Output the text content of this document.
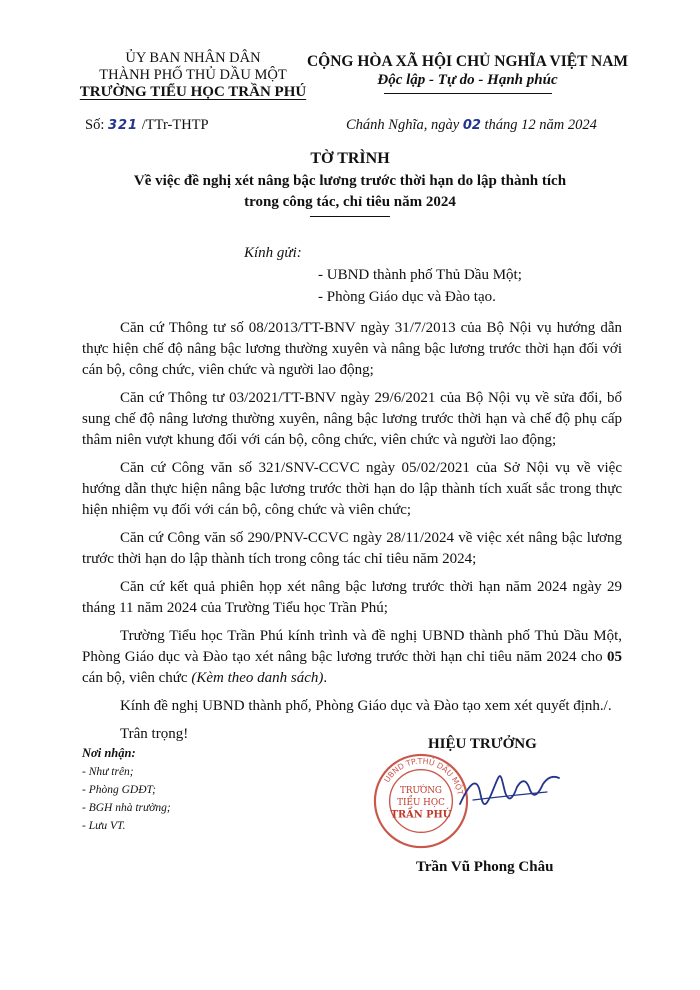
ỦY BAN NHÂN DÂN
THÀNH PHỐ THỦ DẦU MỘT
TRƯỜNG TIỂU HỌC TRẦN PHÚ
Số: 321 /TTr-THTP
CỘNG HÒA XÃ HỘI CHỦ NGHĨA VIỆT NAM
Độc lập - Tự do - Hạnh phúc
Chánh Nghĩa, ngày 02 tháng 12 năm 2024
TỜ TRÌNH
Về việc đề nghị xét nâng bậc lương trước thời hạn do lập thành tích
trong công tác, chỉ tiêu năm 2024
Kính gửi:
- UBND thành phố Thủ Dầu Một;
- Phòng Giáo dục và Đào tạo.

Căn cứ Thông tư số 08/2013/TT-BNV ngày 31/7/2013 của Bộ Nội vụ hướng dẫn thực hiện chế độ nâng bậc lương thường xuyên và nâng bậc lương trước thời hạn đối với cán bộ, công chức, viên chức và người lao động;

Căn cứ Thông tư 03/2021/TT-BNV ngày 29/6/2021 của Bộ Nội vụ về sửa đổi, bổ sung chế độ nâng lương thường xuyên, nâng bậc lương trước thời hạn và chế độ phụ cấp thâm niên vượt khung đối với cán bộ, công chức, viên chức và người lao động;

Căn cứ Công văn số 321/SNV-CCVC ngày 05/02/2021 của Sở Nội vụ về việc hướng dẫn thực hiện nâng bậc lương trước thời hạn do lập thành tích xuất sắc trong thực hiện nhiệm vụ đối với cán bộ, công chức và viên chức;

Căn cứ Công văn số 290/PNV-CCVC ngày 28/11/2024 về việc xét nâng bậc lương trước thời hạn do lập thành tích trong công tác chỉ tiêu năm 2024;

Căn cứ kết quả phiên họp xét nâng bậc lương trước thời hạn năm 2024 ngày 29 tháng 11 năm 2024 của Trường Tiểu học Trần Phú;

Trường Tiểu học Trần Phú kính trình và đề nghị UBND thành phố Thủ Dầu Một, Phòng Giáo dục và Đào tạo xét nâng bậc lương trước thời hạn chỉ tiêu năm 2024 cho 05 cán bộ, viên chức (Kèm theo danh sách).

Kính đề nghị UBND thành phố, Phòng Giáo dục và Đào tạo xem xét quyết định./.

Trân trọng!

Nơi nhận:
- Như trên;
- Phòng GDĐT;
- BGH nhà trường;
- Lưu VT.
HIỆU TRƯỞNG
UBND TP.THỦ DẦU MỘT
TRƯỜNG
TIỂU HỌC
TRẦN PHÚ
Trần Vũ Phong Châu
